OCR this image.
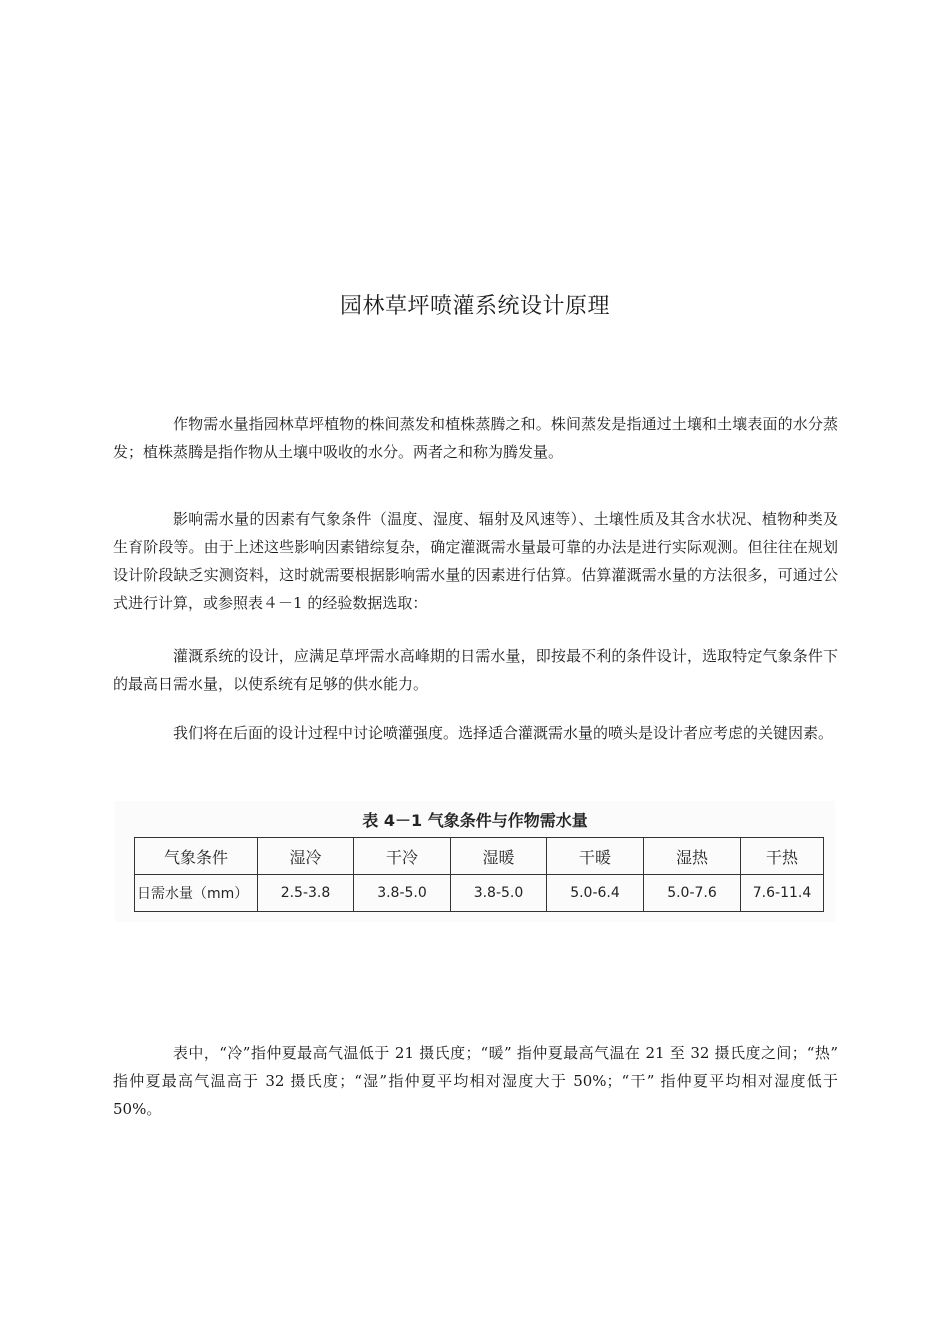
园林草坪喷灌系统设计原理

作物需水量指园林草坪植物的株间蒸发和植株蒸腾之和。株间蒸发是指通过土壤和土壤表面的水分蒸发；植株蒸腾是指作物从土壤中吸收的水分。两者之和称为腾发量。

影响需水量的因素有气象条件（温度、湿度、辐射及风速等）、土壤性质及其含水状况、植物种类及生育阶段等。由于上述这些影响因素错综复杂，确定灌溉需水量最可靠的办法是进行实际观测。但往往在规划设计阶段缺乏实测资料，这时就需要根据影响需水量的因素进行估算。估算灌溉需水量的方法很多，可通过公式进行计算，或参照表４－1 的经验数据选取：

灌溉系统的设计，应满足草坪需水高峰期的日需水量，即按最不利的条件设计，选取特定气象条件下的最高日需水量，以使系统有足够的供水能力。

我们将在后面的设计过程中讨论喷灌强度。选择适合灌溉需水量的喷头是设计者应考虑的关键因素。

表 4－1 气象条件与作物需水量
气象条件	湿冷	干冷	湿暖	干暖	湿热	干热
日需水量（mm）	2.5-3.8	3.8-5.0	3.8-5.0	5.0-6.4	5.0-7.6	7.6-11.4

表中，“冷”指仲夏最高气温低于 21 摄氏度；“暖” 指仲夏最高气温在 21 至 32 摄氏度之间；“热” 指仲夏最高气温高于 32 摄氏度；“湿”指仲夏平均相对湿度大于 50%；“干” 指仲夏平均相对湿度低于 50%。
